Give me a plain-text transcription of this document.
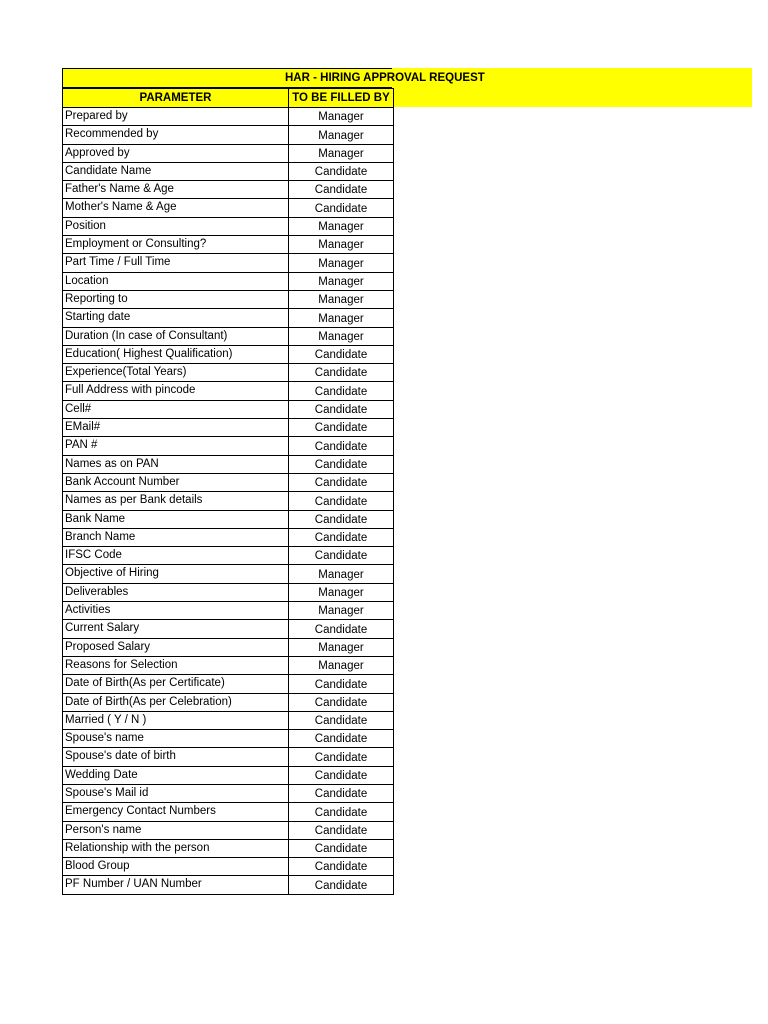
HAR - HIRING APPROVAL REQUEST
PARAMETER	TO BE FILLED BY
Prepared by	Manager
Recommended by	Manager
Approved by	Manager
Candidate Name	Candidate
Father's Name & Age	Candidate
Mother's Name & Age	Candidate
Position	Manager
Employment or Consulting?	Manager
Part Time / Full Time	Manager
Location	Manager
Reporting to	Manager
Starting date	Manager
Duration (In case of Consultant)	Manager
Education( Highest Qualification)	Candidate
Experience(Total Years)	Candidate
Full Address with pincode	Candidate
Cell#	Candidate
EMail#	Candidate
PAN #	Candidate
Names as on PAN	Candidate
Bank Account Number	Candidate
Names as per Bank details	Candidate
Bank Name	Candidate
Branch Name	Candidate
IFSC Code	Candidate
Objective of Hiring	Manager
Deliverables	Manager
Activities	Manager
Current Salary	Candidate
Proposed Salary	Manager
Reasons for Selection	Manager
Date of Birth(As per Certificate)	Candidate
Date of Birth(As per Celebration)	Candidate
Married ( Y / N )	Candidate
Spouse's name	Candidate
Spouse's date of birth	Candidate
Wedding Date	Candidate
Spouse's Mail id	Candidate
Emergency Contact Numbers	Candidate
Person's name	Candidate
Relationship with the person	Candidate
Blood Group	Candidate
PF Number / UAN Number	Candidate
